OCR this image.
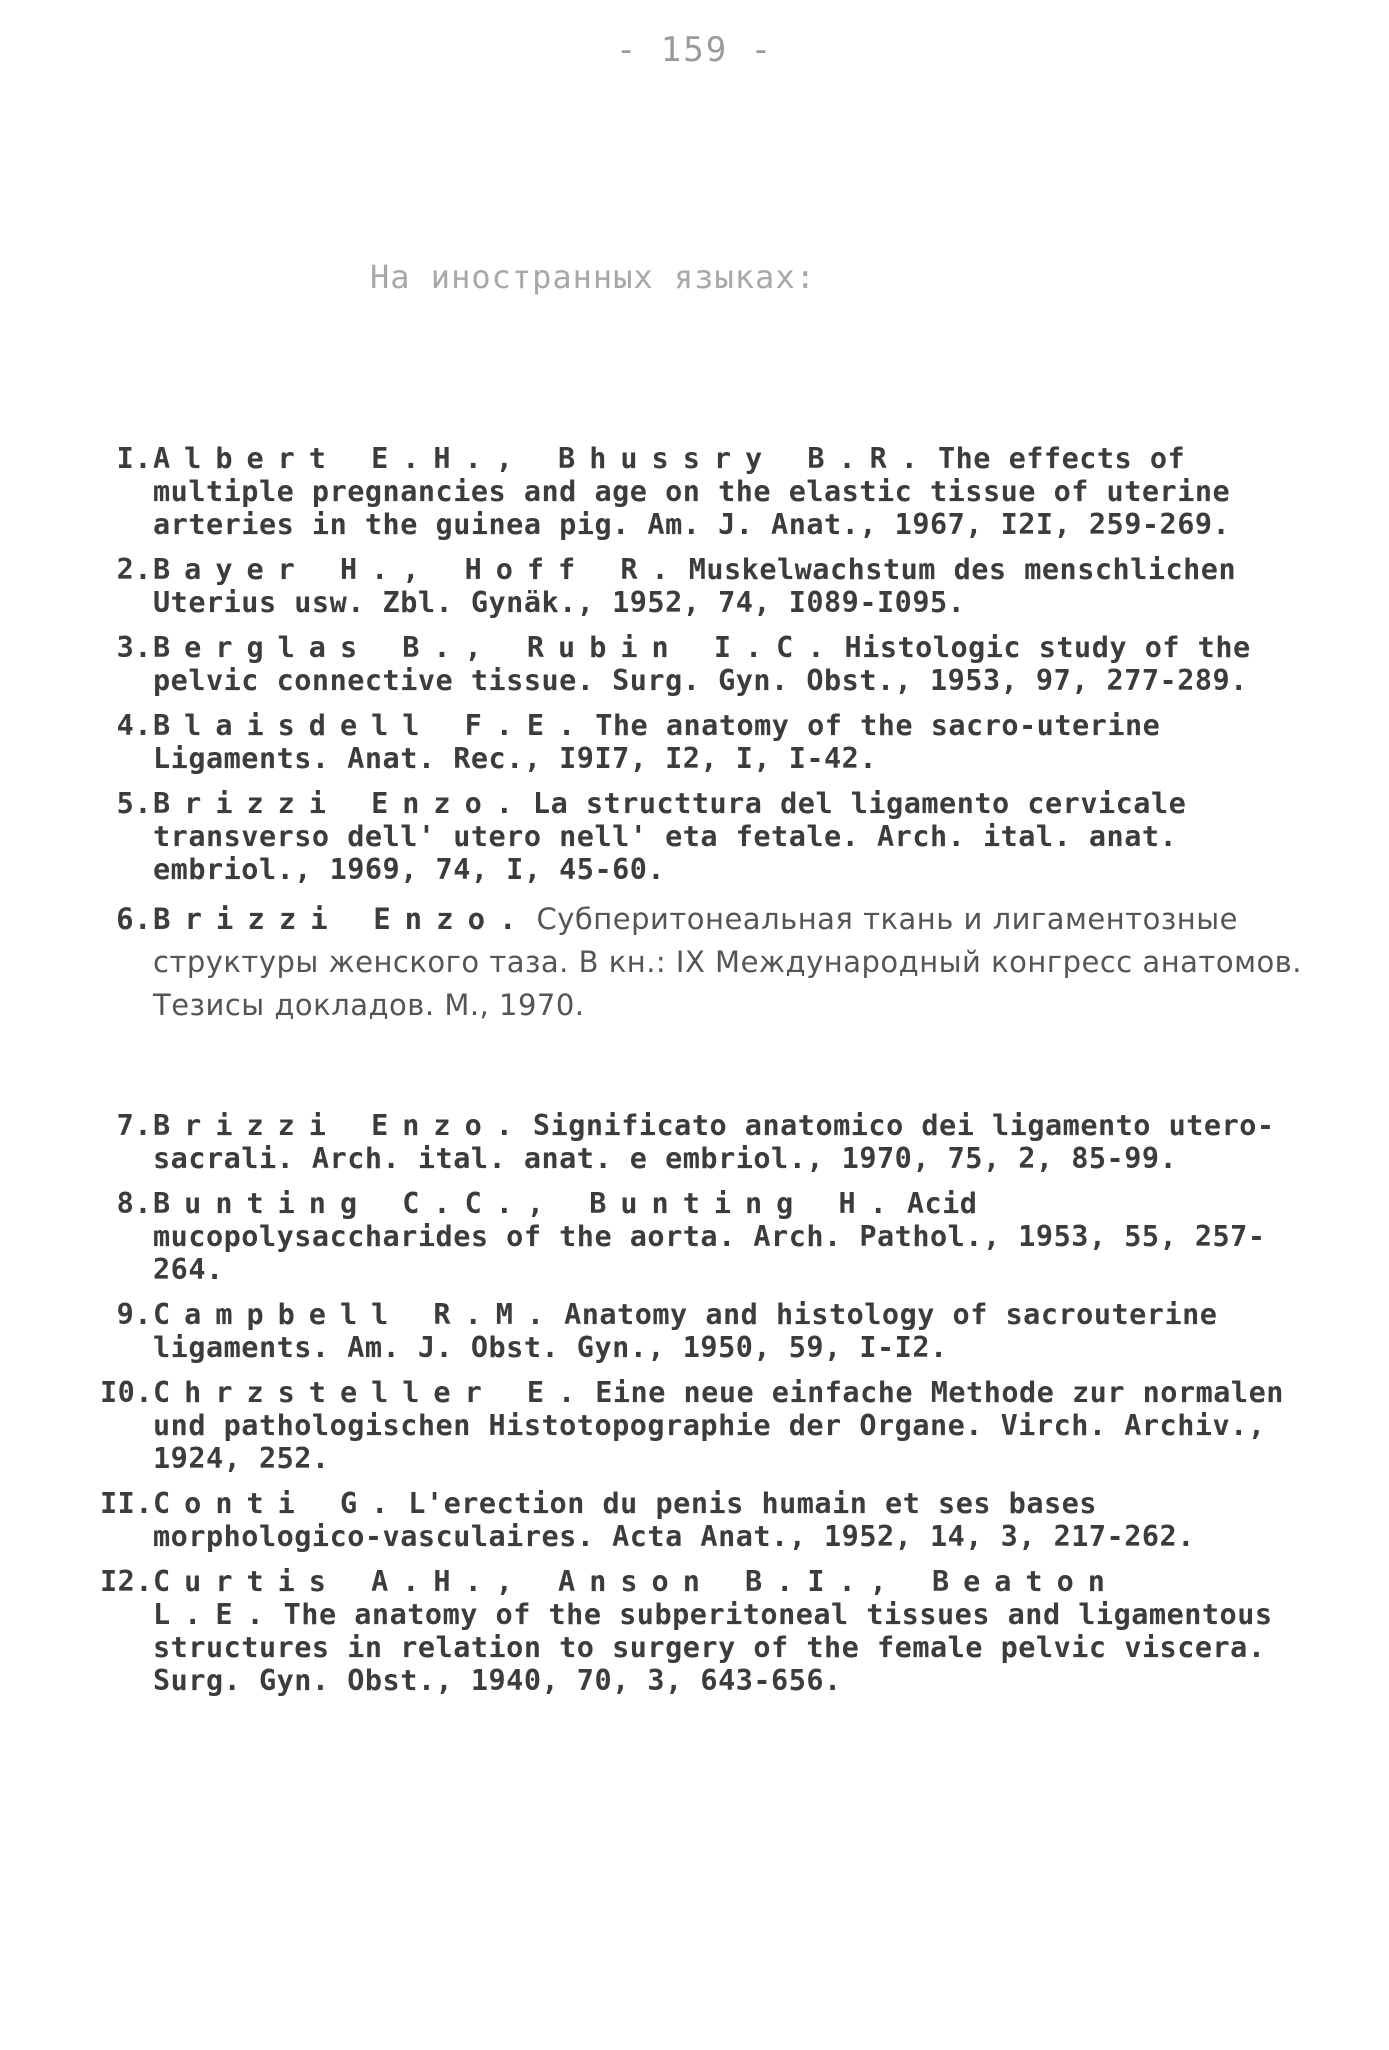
- 159 -
На иностранных языках:
I. Albert E.H., Bhussry B.R. The effects of multiple pregnancies and age on the elastic tissue of uterine arteries in the guinea pig. Am. J. Anat., 1967, I2I, 259-269.
2. Bayer H., Hoff R. Muskelwachstum des menschlichen Uterius usw. Zbl. Gynäk., 1952, 74, I089-I095.
3. Berglas B., Rubin I.C. Histologic study of the pelvic connective tissue. Surg. Gyn. Obst., 1953, 97, 277-289.
4. Blaisdell F.E. The anatomy of the sacro-uterine Ligaments. Anat. Rec., I9I7, I2, I, I-42.
5. Brizzi Enzo. La structtura del ligamento cervicale transverso dell' utero nell' eta fetale. Arch. ital. anat. embriol., 1969, 74, I, 45-60.
6. Brizzi Enzo. Субперитонеальная ткань и лигаментозные структуры женского таза. В кн.: IX Международный конгресс анатомов. Тезисы докладов. М., 1970.
7. Brizzi Enzo. Significato anatomico dei ligamento utero-sacrali. Arch. ital. anat. e embriol., 1970, 75, 2, 85-99.
8. Bunting C.C., Bunting H. Acid mucopolysaccharides of the aorta. Arch. Pathol., 1953, 55, 257-264.
9. Campbell R.M. Anatomy and histology of sacrouterine ligaments. Am. J. Obst. Gyn., 1950, 59, I-I2.
I0. Chrzsteller E. Eine neue einfache Methode zur normalen und pathologischen Histotopographie der Organe. Virch. Archiv., 1924, 252.
II. Conti G. L'erection du penis humain et ses bases morphologico-vasculaires. Acta Anat., 1952, 14, 3, 217-262.
I2. Curtis A.H., Anson B.I., Beaton L.E. The anatomy of the subperitoneal tissues and ligamentous structures in relation to surgery of the female pelvic viscera. Surg. Gyn. Obst., 1940, 70, 3, 643-656.
